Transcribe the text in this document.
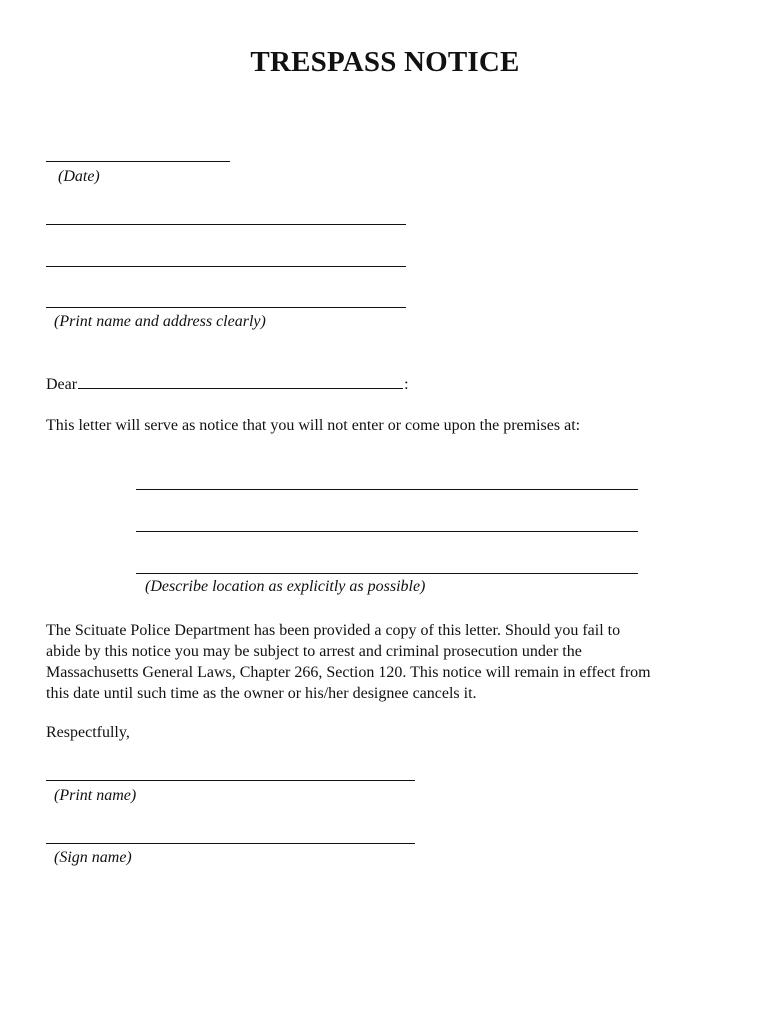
TRESPASS NOTICE
(Date)
(Print name and address clearly)
Dear	:
This letter will serve as notice that you will not enter or come upon the premises at:
(Describe location as explicitly as possible)
The Scituate Police Department has been provided a copy of this letter. Should you fail to
abide by this notice you may be subject to arrest and criminal prosecution under the
Massachusetts General Laws, Chapter 266, Section 120. This notice will remain in effect from
this date until such time as the owner or his/her designee cancels it.
Respectfully,
(Print name)
(Sign name)
